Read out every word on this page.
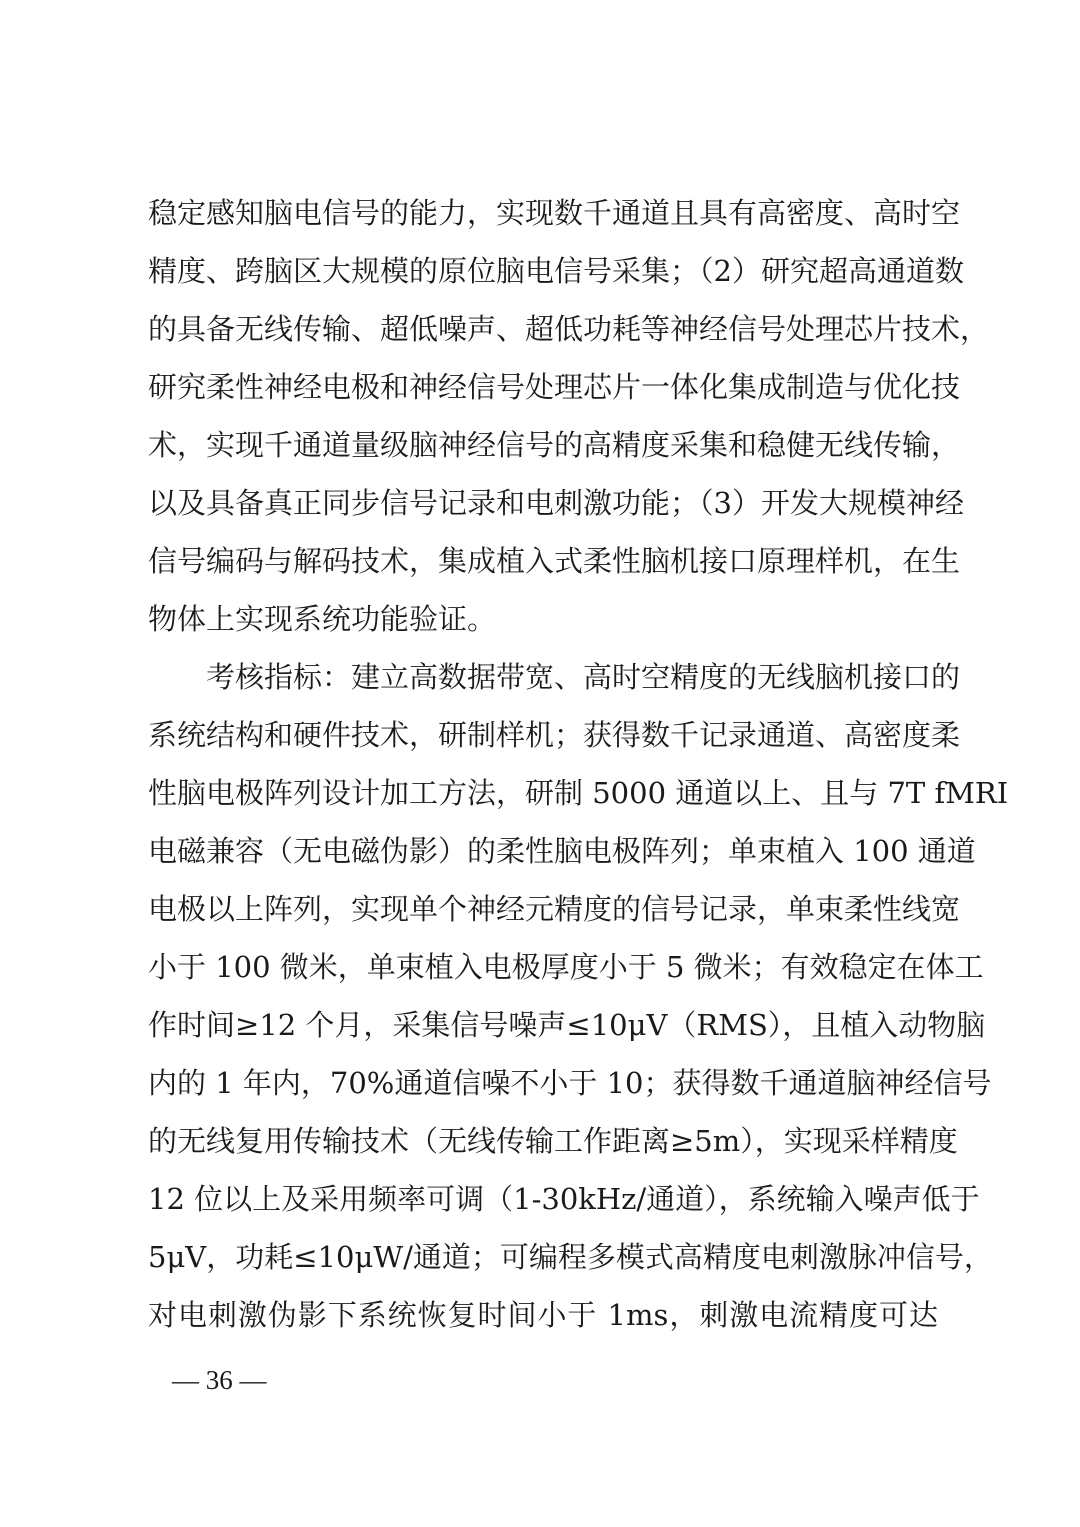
稳定感知脑电信号的能力，实现数千通道且具有高密度、高时空
精度、跨脑区大规模的原位脑电信号采集；（2）研究超高通道数
的具备无线传输、超低噪声、超低功耗等神经信号处理芯片技术，
研究柔性神经电极和神经信号处理芯片一体化集成制造与优化技
术，实现千通道量级脑神经信号的高精度采集和稳健无线传输，
以及具备真正同步信号记录和电刺激功能；（3）开发大规模神经
信号编码与解码技术，集成植入式柔性脑机接口原理样机，在生
物体上实现系统功能验证。
考核指标：建立高数据带宽、高时空精度的无线脑机接口的
系统结构和硬件技术，研制样机；获得数千记录通道、高密度柔
性脑电极阵列设计加工方法，研制 5000 通道以上、且与 7T fMRI
电磁兼容（无电磁伪影）的柔性脑电极阵列；单束植入 100 通道
电极以上阵列，实现单个神经元精度的信号记录，单束柔性线宽
小于 100 微米，单束植入电极厚度小于 5 微米；有效稳定在体工
作时间≥12 个月，采集信号噪声≤10μV（RMS），且植入动物脑
内的 1 年内，70%通道信噪不小于 10；获得数千通道脑神经信号
的无线复用传输技术（无线传输工作距离≥5m），实现采样精度
12 位以上及采用频率可调（1-30kHz/通道），系统输入噪声低于
5μV，功耗≤10μW/通道；可编程多模式高精度电刺激脉冲信号，
对电刺激伪影下系统恢复时间小于 1ms，刺激电流精度可达
— 36 —
